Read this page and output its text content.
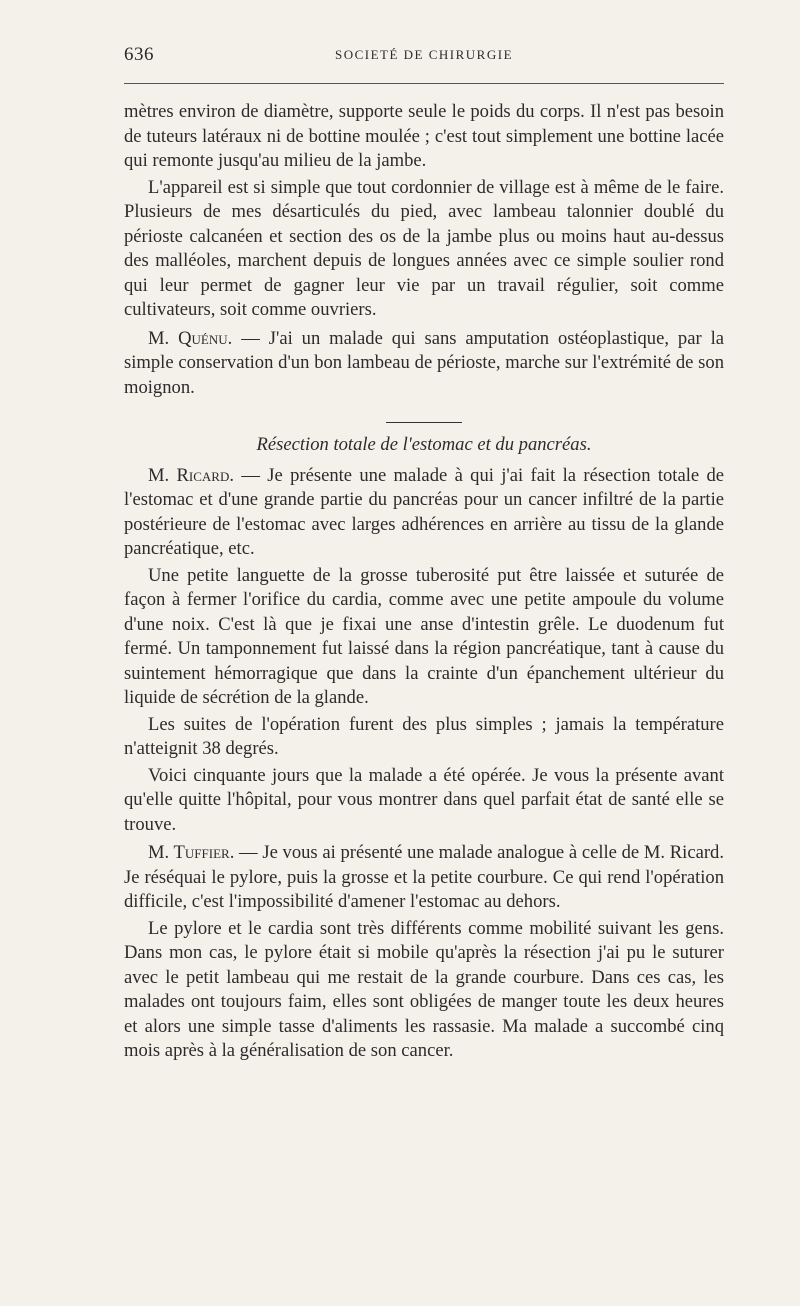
636	SOCIETÉ DE CHIRURGIE

mètres environ de diamètre, supporte seule le poids du corps. Il n'est pas besoin de tuteurs latéraux ni de bottine moulée ; c'est tout simplement une bottine lacée qui remonte jusqu'au milieu de la jambe.

L'appareil est si simple que tout cordonnier de village est à même de le faire. Plusieurs de mes désarticulés du pied, avec lambeau talonnier doublé du périoste calcanéen et section des os de la jambe plus ou moins haut au-dessus des malléoles, marchent depuis de longues années avec ce simple soulier rond qui leur permet de gagner leur vie par un travail régulier, soit comme cultivateurs, soit comme ouvriers.

M. Quénu. — J'ai un malade qui sans amputation ostéoplastique, par la simple conservation d'un bon lambeau de périoste, marche sur l'extrémité de son moignon.

Résection totale de l'estomac et du pancréas.

M. Ricard. — Je présente une malade à qui j'ai fait la résection totale de l'estomac et d'une grande partie du pancréas pour un cancer infiltré de la partie postérieure de l'estomac avec larges adhérences en arrière au tissu de la glande pancréatique, etc.

Une petite languette de la grosse tuberosité put être laissée et suturée de façon à fermer l'orifice du cardia, comme avec une petite ampoule du volume d'une noix. C'est là que je fixai une anse d'intestin grêle. Le duodenum fut fermé. Un tamponnement fut laissé dans la région pancréatique, tant à cause du suintement hémorragique que dans la crainte d'un épanchement ultérieur du liquide de sécrétion de la glande.

Les suites de l'opération furent des plus simples ; jamais la température n'atteignit 38 degrés.

Voici cinquante jours que la malade a été opérée. Je vous la présente avant qu'elle quitte l'hôpital, pour vous montrer dans quel parfait état de santé elle se trouve.

M. Tuffier. — Je vous ai présenté une malade analogue à celle de M. Ricard. Je réséquai le pylore, puis la grosse et la petite courbure. Ce qui rend l'opération difficile, c'est l'impossibilité d'amener l'estomac au dehors.

Le pylore et le cardia sont très différents comme mobilité suivant les gens. Dans mon cas, le pylore était si mobile qu'après la résection j'ai pu le suturer avec le petit lambeau qui me restait de la grande courbure. Dans ces cas, les malades ont toujours faim, elles sont obligées de manger toute les deux heures et alors une simple tasse d'aliments les rassasie. Ma malade a succombé cinq mois après à la généralisation de son cancer.
